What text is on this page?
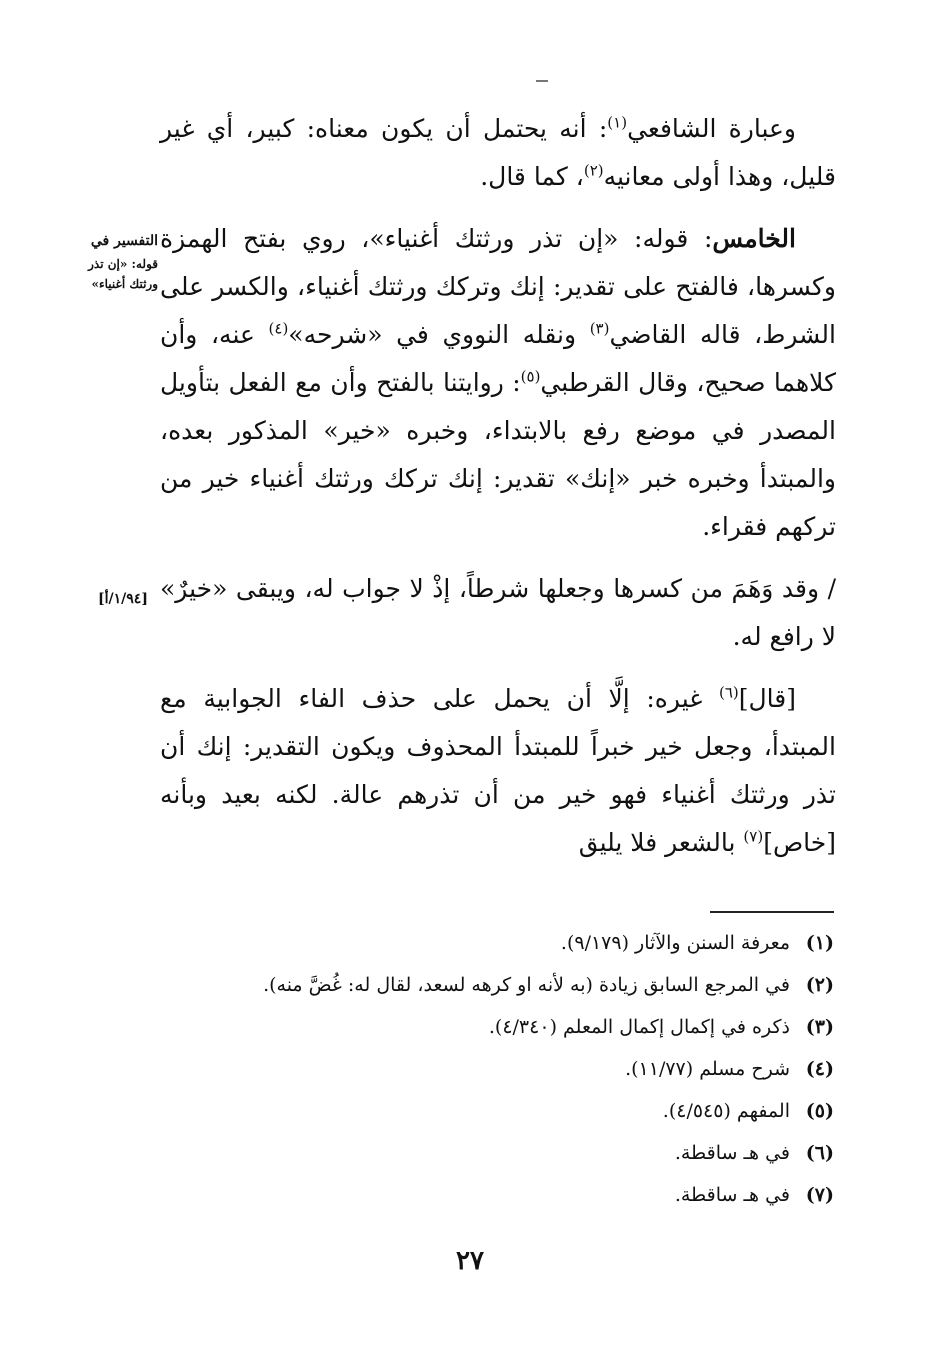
وعبارة الشافعي$^{(١)}$: أنه يحتمل أن يكون معناه: كبير، أي غير قليل، وهذا أولى معانيه$^{(٢)}$، كما قال.

الخامس: قوله: «إن تذر ورثتك أغنياء»، روي بفتح الهمزة وكسرها، فالفتح على تقدير: إنك وتركك ورثتك أغنياء، والكسر على الشرط، قاله القاضي$^{(٣)}$ ونقله النووي في «شرحه»$^{(٤)}$ عنه، وأن كلاهما صحيح، وقال القرطبي$^{(٥)}$: روايتنا بالفتح وأن مع الفعل بتأويل المصدر في موضع رفع بالابتداء، وخبره «خير» المذكور بعده، والمبتدأ وخبره خبر «إنك» تقدير: إنك تركك ورثتك أغنياء خير من تركهم فقراء.

/ وقد وَهَمَ من كسرها وجعلها شرطاً، إذْ لا جواب له، ويبقى «خيرٌ» لا رافع له.

[قال]$^{(٦)}$ غيره: إلَّا أن يحمل على حذف الفاء الجوابية مع المبتدأ، وجعل خير خبراً للمبتدأ المحذوف ويكون التقدير: إنك أن تذر ورثتك أغنياء فهو خير من أن تذرهم عالة. لكنه بعيد وبأنه [خاص]$^{(٧)}$ بالشعر فلا يليق

التفسير في
قوله: «إن تذر
ورثتك أغنياء»
[١/٩٤/أ]
(١)معرفة السنن والآثار (٩/١٧٩).
(٢)في المرجع السابق زيادة (به لأنه او كرهه لسعد، لقال له: غُضَّ منه).
(٣)ذكره في إكمال إكمال المعلم (٤/٣٤٠).
(٤)شرح مسلم (١١/٧٧).
(٥)المفهم (٤/٥٤٥).
(٦)في هـ ساقطة.
(٧)في هـ ساقطة.
٢٧
